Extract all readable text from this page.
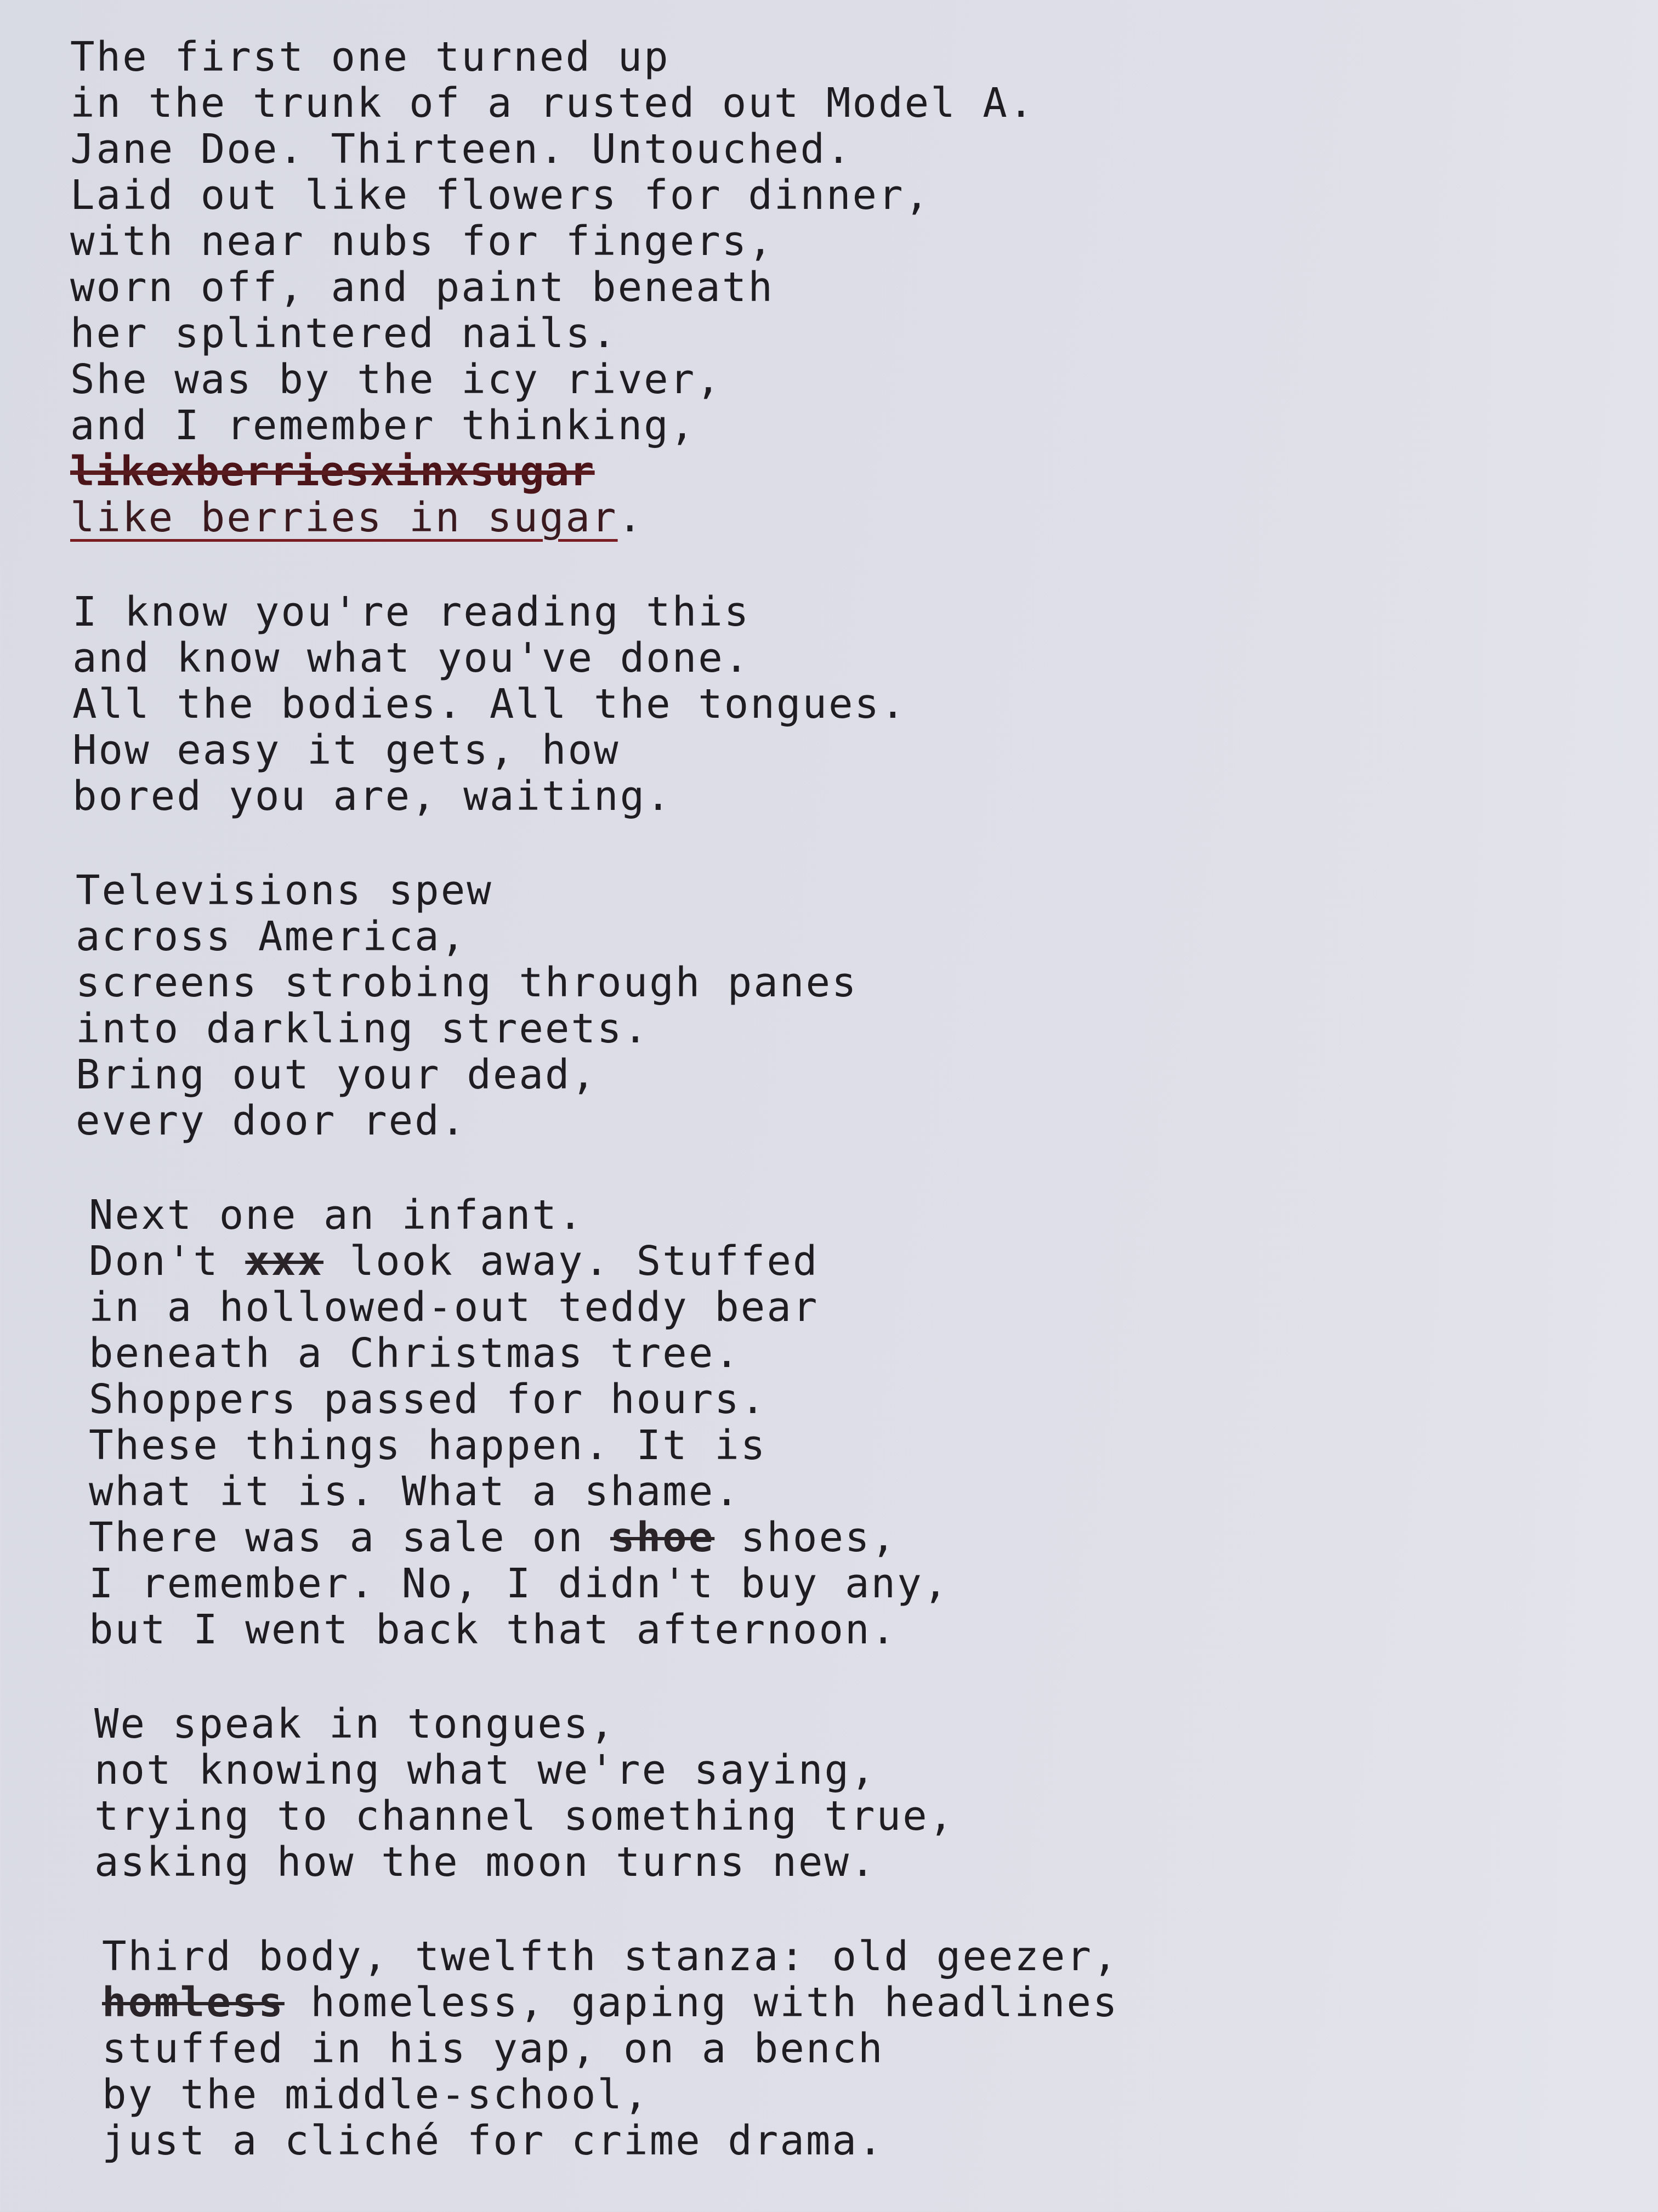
The first one turned up
in the trunk of a rusted out Model A.
Jane Doe. Thirteen. Untouched.
Laid out like flowers for dinner,
with near nubs for fingers,
worn off, and paint beneath
her splintered nails.
She was by the icy river,
and I remember thinking,
likexberriesxinxsugar
like berries in sugar.
I know you're reading this
and know what you've done.
All the bodies. All the tongues.
How easy it gets, how
bored you are, waiting.
Televisions spew
across America,
screens strobing through panes
into darkling streets.
Bring out your dead,
every door red.
Next one an infant.
Don't xxx look away. Stuffed
in a hollowed-out teddy bear
beneath a Christmas tree.
Shoppers passed for hours.
These things happen. It is
what it is. What a shame.
There was a sale on shoe shoes,
I remember. No, I didn't buy any,
but I went back that afternoon.
We speak in tongues,
not knowing what we're saying,
trying to channel something true,
asking how the moon turns new.
Third body, twelfth stanza: old geezer,
homless homeless, gaping with headlines
stuffed in his yap, on a bench
by the middle-school,
just a cliché for crime drama.
